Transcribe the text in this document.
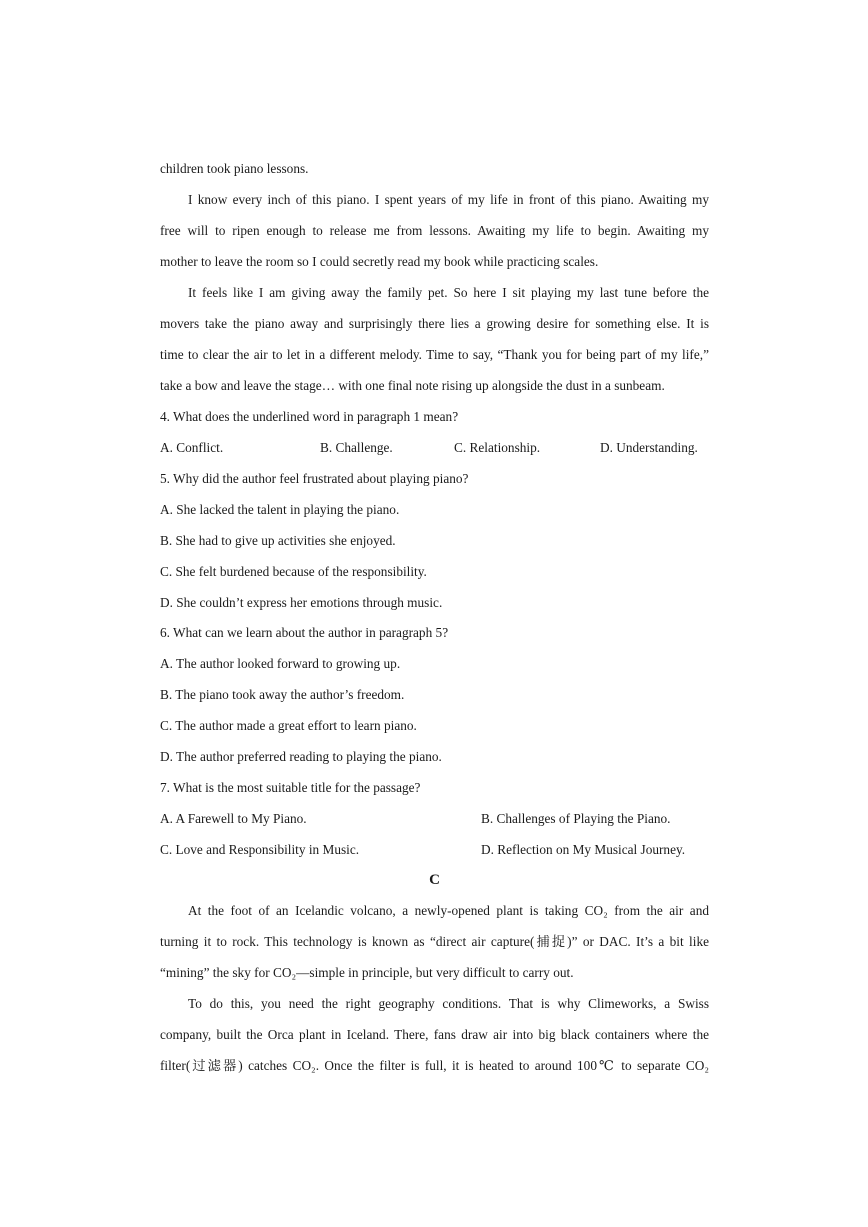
children took piano lessons.
I know every inch of this piano. I spent years of my life in front of this piano. Awaiting my
free will to ripen enough to release me from lessons. Awaiting my life to begin. Awaiting my
mother to leave the room so I could secretly read my book while practicing scales.
It feels like I am giving away the family pet. So here I sit playing my last tune before the
movers take the piano away and surprisingly there lies a growing desire for something else. It is
time to clear the air to let in a different melody. Time to say, “Thank you for being part of my life,”
take a bow and leave the stage… with one final note rising up alongside the dust in a sunbeam.
4. What does the underlined word in paragraph 1 mean?
A. Conflict.	B. Challenge.	C. Relationship.	D. Understanding.
5. Why did the author feel frustrated about playing piano?
A. She lacked the talent in playing the piano.
B. She had to give up activities she enjoyed.
C. She felt burdened because of the responsibility.
D. She couldn’t express her emotions through music.
6. What can we learn about the author in paragraph 5?
A. The author looked forward to growing up.
B. The piano took away the author’s freedom.
C. The author made a great effort to learn piano.
D. The author preferred reading to playing the piano.
7. What is the most suitable title for the passage?
A. A Farewell to My Piano.	B. Challenges of Playing the Piano.
C. Love and Responsibility in Music.	D. Reflection on My Musical Journey.
C
At the foot of an Icelandic volcano, a newly-opened plant is taking CO₂ from the air and
turning it to rock. This technology is known as “direct air capture(捕捉)” or DAC. It’s a bit like
“mining” the sky for CO₂—simple in principle, but very difficult to carry out.
To do this, you need the right geography conditions. That is why Climeworks, a Swiss
company, built the Orca plant in Iceland. There, fans draw air into big black containers where the
filter(过滤器) catches CO₂. Once the filter is full, it is heated to around 100℃ to separate CO₂
